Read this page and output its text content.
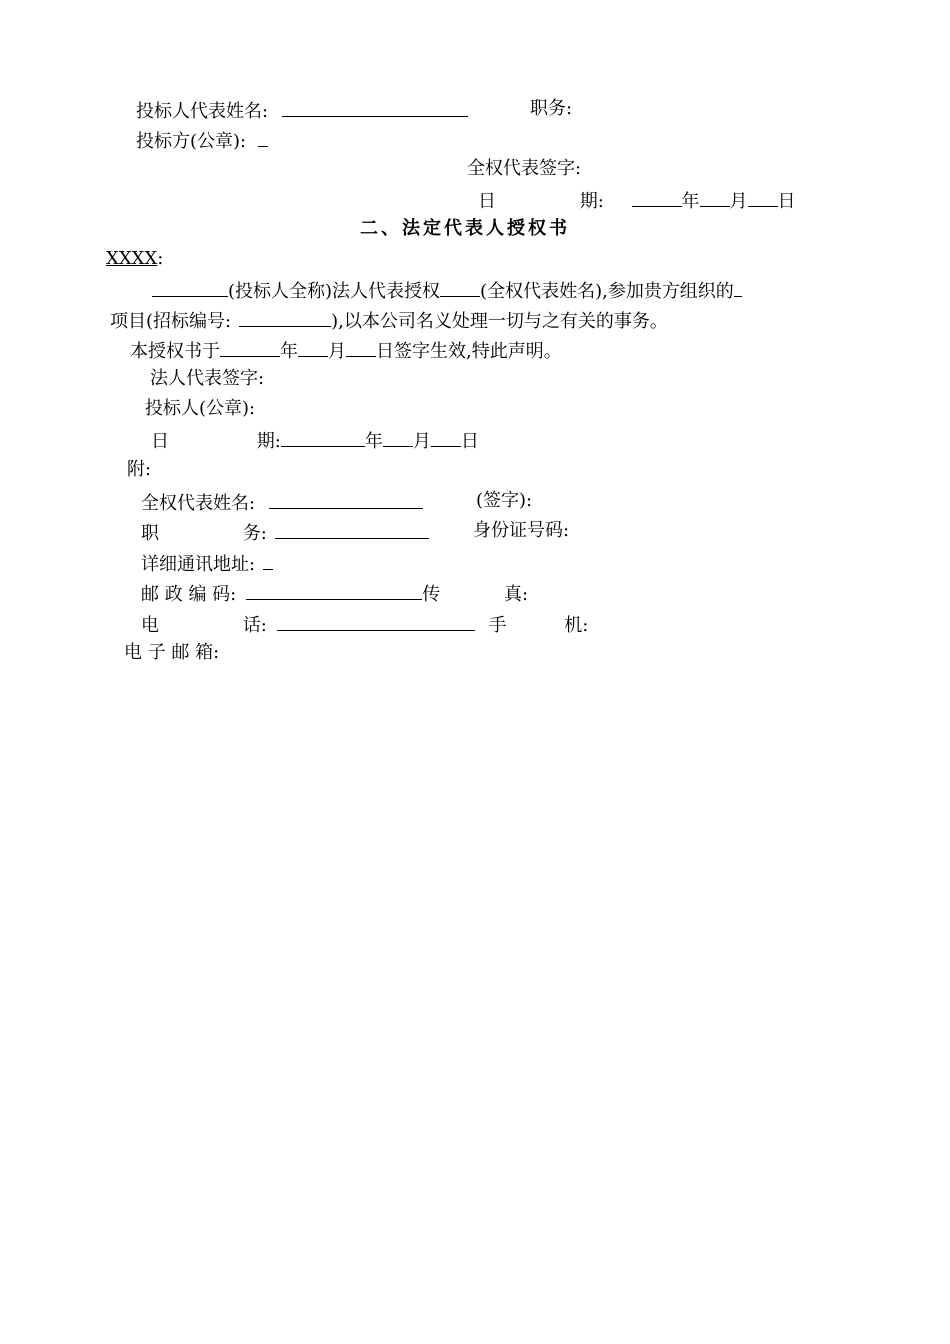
投标人代表姓名:	职务:
投标方(公章):
全权代表签字:
日	期:	年 月 日
二、法定代表人授权书
XXXX:
(投标人全称)法人代表授权 (全权代表姓名),参加贵方组织的
项目(招标编号:	),以本公司名义处理一切与之有关的事务。
本授权书于	年 月 日签字生效,特此声明。
法人代表签字:
投标人(公章):
日	期:	年 月 日
附:
全权代表姓名:	(签字):
职	务:	身份证号码:
详细通讯地址:
邮 政 编 码:	传	真:
电	话:	手	机:
电 子 邮 箱:
